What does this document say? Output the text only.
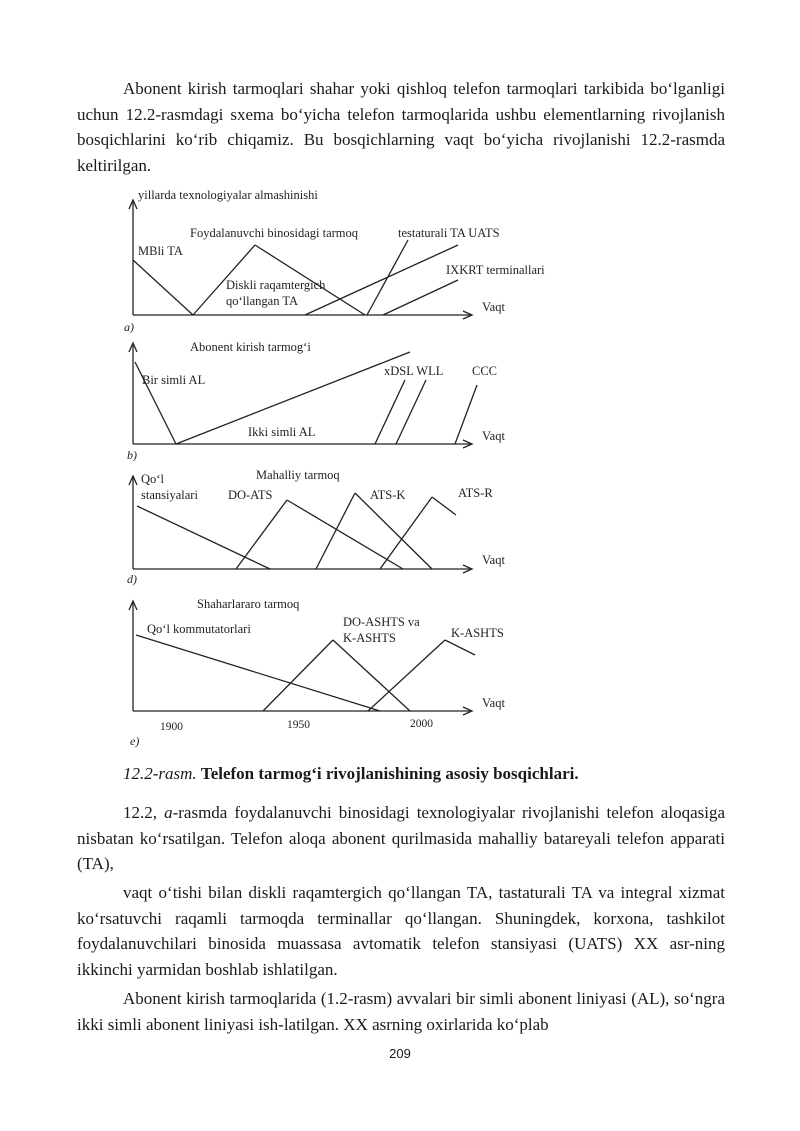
Abonent kirish tarmoqlari shahar yoki qishloq telefon tarmoqlari tarkibida bo‘lganligi uchun 12.2-rasmdagi sxema bo‘yicha telefon tarmoqlarida ushbu elementlarning rivojlanish bosqichlarini ko‘rib chiqamiz. Bu bosqichlarning vaqt bo‘yicha rivojlanishi 12.2-rasmda keltirilgan.

yillarda texnologiyalar almashinishi
MBli TA
Foydalanuvchi binosidagi tarmoq	testaturali TA UATS
IXKRT terminallari
Diskli raqamtergich
qo‘llangan TA	Vaqt
a)
Abonent kirish tarmog‘i
Bir simli AL
Ikki simli AL
xDSL WLL CCC
Vaqt
b)
Qo‘l
stansiyalari
Mahalliy tarmoq
DO-ATS	ATS-K	ATS-R
Vaqt
d)
Shaharlararo tarmoq
Qo‘l kommutatorlari	DO-ASHTS va
K-ASHTS	K-ASHTS
Vaqt
1900	1950	2000
e)
12.2-rasm. Telefon tarmog‘i rivojlanishining asosiy bosqichlari.

12.2, a-rasmda foydalanuvchi binosidagi texnologiyalar rivojlanishi telefon aloqasiga nisbatan ko‘rsatilgan. Telefon aloqa abonent qurilmasida mahalliy batareyali telefon apparati (TA),

vaqt o‘tishi bilan diskli raqamtergich qo‘llangan TA, tastaturali TA va integral xizmat ko‘rsatuvchi raqamli tarmoqda terminallar qo‘llangan. Shuningdek, korxona, tashkilot foydalanuvchilari binosida muassasa avtomatik telefon stansiyasi (UATS) XX asr-ning ikkinchi yarmidan boshlab ishlatilgan.

Abonent kirish tarmoqlarida (1.2-rasm) avvalari bir simli abonent liniyasi (AL), so‘ngra ikki simli abonent liniyasi ish-latilgan. XX asrning oxirlarida ko‘plab

209
